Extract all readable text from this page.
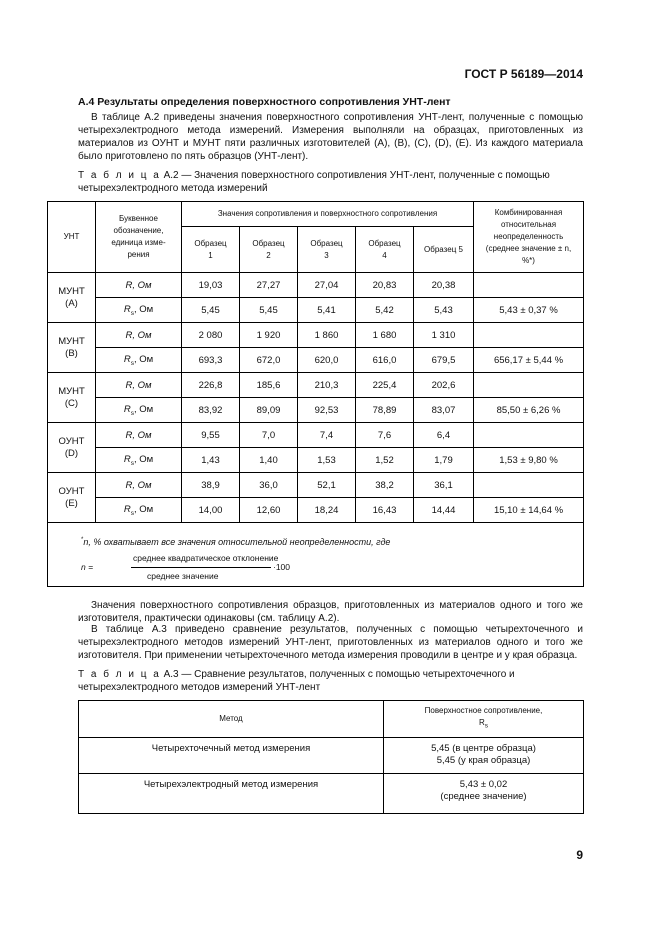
ГОСТ Р 56189—2014
А.4 Результаты определения поверхностного сопротивления УНТ-лент
В таблице А.2 приведены значения поверхностного сопротивления УНТ-лент, полученные с помощью четырехэлектродного метода измерений. Измерения выполняли на образцах, приготовленных из материалов из ОУНТ и МУНТ пяти различных изготовителей (А), (В), (С), (D), (Е). Из каждого материала было приготовлено по пять образцов (УНТ-лент).
Т а б л и ц а А.2 — Значения поверхностного сопротивления УНТ-лент, полученные с помощью четырехэлектродного метода измерений
УНТ	Буквенное обозначение, единица изме-рения	Значения сопротивления и поверхностного сопротивления					Комбинированная относительная неопределенность (среднее значение ± n, %*)
		Образец 1	Образец 2	Образец 3	Образец 4	Образец 5	
МУНТ
(А)	R, Ом	19,03	27,27	27,04	20,83	20,38	
	$R_s$, Ом	5,45	5,45	5,41	5,42	5,43	5,43 ± 0,37 %
МУНТ
(В)	R, Ом	2 080	1 920	1 860	1 680	1 310	
	$R_s$, Ом	693,3	672,0	620,0	616,0	679,5	656,17 ± 5,44 %
МУНТ
(С)	R, Ом	226,8	185,6	210,3	225,4	202,6	
	$R_s$, Ом	83,92	89,09	92,53	78,89	83,07	85,50 ± 6,26 %
ОУНТ
(D)	R, Ом	9,55	7,0	7,4	7,6	6,4	
	$R_s$, Ом	1,43	1,40	1,53	1,52	1,79	1,53 ± 9,80 %
ОУНТ
(Е)	R, Ом	38,9	36,0	52,1	38,2	36,1	
	$R_s$, Ом	14,00	12,60	18,24	16,43	14,44	15,10 ± 14,64 %

*n, % охватывает все значения относительной неопределенности, где
n =
среднее квадратическое отклонение
среднее значение
·100							
Значения поверхностного сопротивления образцов, приготовленных из материалов одного и того же изготовителя, практически одинаковы (см. таблицу А.2).
В таблице А.3 приведено сравнение результатов, полученных с помощью четырехточечного и четырехэлектродного методов измерений УНТ-лент, приготовленных из материалов одного и того же изготовителя. При применении четырехточечного метода измерения проводили в центре и у края образца.
Т а б л и ц а А.3 — Сравнение результатов, полученных с помощью четырехточечного и четырехэлектродного методов измерений УНТ-лент
Метод	Поверхностное сопротивление, $R_s$
Четырехточечный метод измерения	5,45 (в центре образца)
5,45 (у края образца)
Четырехэлектродный метод измерения	5,43 ± 0,02
(среднее значение)
9
